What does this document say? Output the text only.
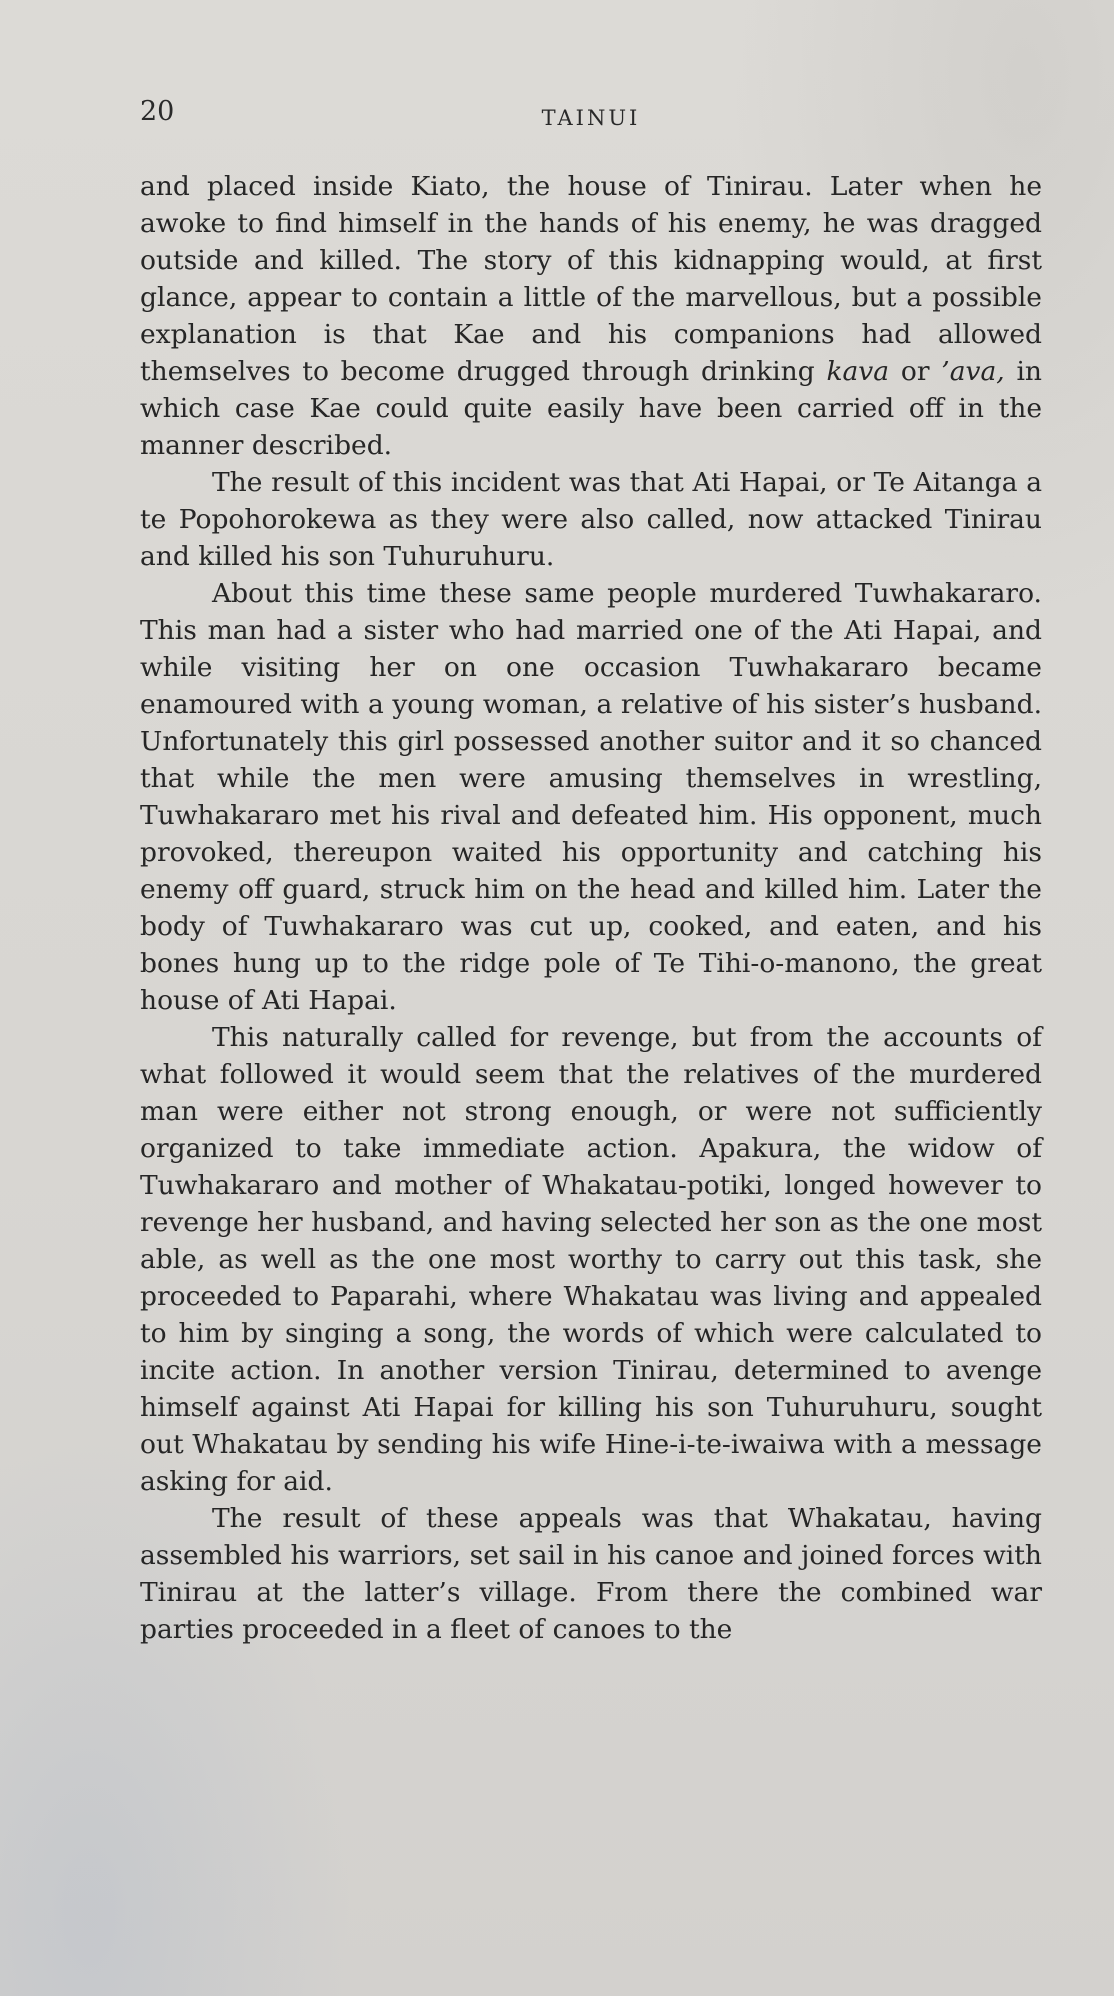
20	TAINUI

and placed inside Kiato, the house of Tinirau. Later when he awoke to find himself in the hands of his enemy, he was dragged outside and killed. The story of this kidnapping would, at first glance, appear to contain a little of the marvellous, but a possible explanation is that Kae and his companions had allowed themselves to become drugged through drinking kava or ’ava, in which case Kae could quite easily have been carried off in the manner described.

The result of this incident was that Ati Hapai, or Te Aitanga a te Popohorokewa as they were also called, now attacked Tinirau and killed his son Tuhuruhuru.

About this time these same people murdered Tuwhakararo. This man had a sister who had married one of the Ati Hapai, and while visiting her on one occasion Tuwhakararo became enamoured with a young woman, a relative of his sister’s husband. Unfortunately this girl possessed another suitor and it so chanced that while the men were amusing themselves in wrestling, Tuwhakararo met his rival and defeated him. His opponent, much provoked, thereupon waited his opportunity and catching his enemy off guard, struck him on the head and killed him. Later the body of Tuwhakararo was cut up, cooked, and eaten, and his bones hung up to the ridge pole of Te Tihi-o-manono, the great house of Ati Hapai.

This naturally called for revenge, but from the accounts of what followed it would seem that the relatives of the murdered man were either not strong enough, or were not sufficiently organized to take immediate action. Apakura, the widow of Tuwhakararo and mother of Whakatau-potiki, longed however to revenge her husband, and having selected her son as the one most able, as well as the one most worthy to carry out this task, she proceeded to Paparahi, where Whakatau was living and appealed to him by singing a song, the words of which were calculated to incite action. In another version Tinirau, determined to avenge himself against Ati Hapai for killing his son Tuhuruhuru, sought out Whakatau by sending his wife Hine-i-te-iwaiwa with a message asking for aid.

The result of these appeals was that Whakatau, having assembled his warriors, set sail in his canoe and joined forces with Tinirau at the latter’s village. From there the combined war parties proceeded in a fleet of canoes to the
